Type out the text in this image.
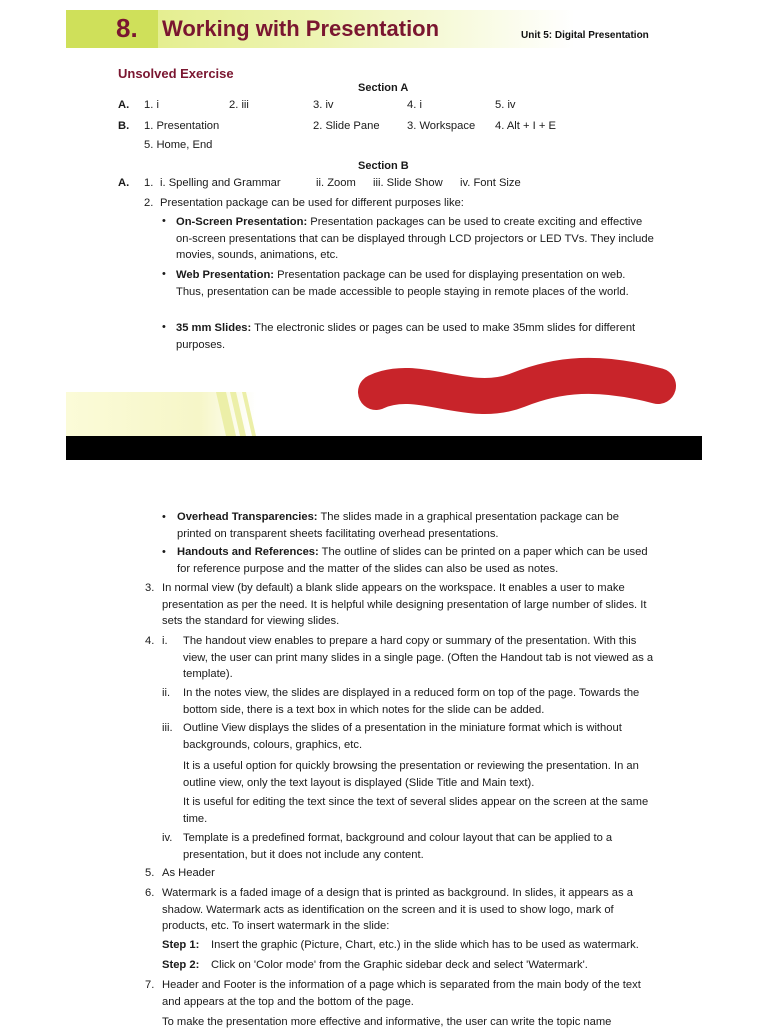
8. Working with Presentation	Unit 5: Digital Presentation
Unsolved Exercise
Section A
A. 1. i	2. iii	3. iv	4. i	5. iv
B. 1. Presentation	2. Slide Pane 3. Workspace 4. Alt + I + E
5. Home, End
Section B
A. 1. i. Spelling and Grammar	ii. Zoom iii. Slide Show iv. Font Size
2. Presentation package can be used for different purposes like:
• On-Screen Presentation: Presentation packages can be used to create exciting and effective on-screen presentations that can be displayed through LCD projectors or LED TVs. They include movies, sounds, animations, etc.
• Web Presentation: Presentation package can be used for displaying presentation on web. Thus, presentation can be made accessible to people staying in remote places of the world.
• 35 mm Slides: The electronic slides or pages can be used to make 35mm slides for different purposes.
• Overhead Transparencies: The slides made in a graphical presentation package can be printed on transparent sheets facilitating overhead presentations.
• Handouts and References: The outline of slides can be printed on a paper which can be used for reference purpose and the matter of the slides can also be used as notes.
3. In normal view (by default) a blank slide appears on the workspace. It enables a user to make presentation as per the need. It is helpful while designing presentation of large number of slides. It sets the standard for viewing slides.
4. i. The handout view enables to prepare a hard copy or summary of the presentation. With this view, the user can print many slides in a single page. (Often the Handout tab is not viewed as a template).
ii. In the notes view, the slides are displayed in a reduced form on top of the page. Towards the bottom side, there is a text box in which notes for the slide can be added.
iii. Outline View displays the slides of a presentation in the miniature format which is without backgrounds, colours, graphics, etc.
It is a useful option for quickly browsing the presentation or reviewing the presentation. In an outline view, only the text layout is displayed (Slide Title and Main text).
It is useful for editing the text since the text of several slides appear on the screen at the same time.
iv. Template is a predefined format, background and colour layout that can be applied to a presentation, but it does not include any content.
5. As Header
6. Watermark is a faded image of a design that is printed as background. In slides, it appears as a shadow. Watermark acts as identification on the screen and it is used to show logo, mark of products, etc. To insert watermark in the slide:
Step 1: Insert the graphic (Picture, Chart, etc.) in the slide which has to be used as watermark.
Step 2: Click on 'Color mode' from the Graphic sidebar deck and select 'Watermark'.
7. Header and Footer is the information of a page which is separated from the main body of the text and appears at the top and the bottom of the page.
To make the presentation more effective and informative, the user can write the topic name
